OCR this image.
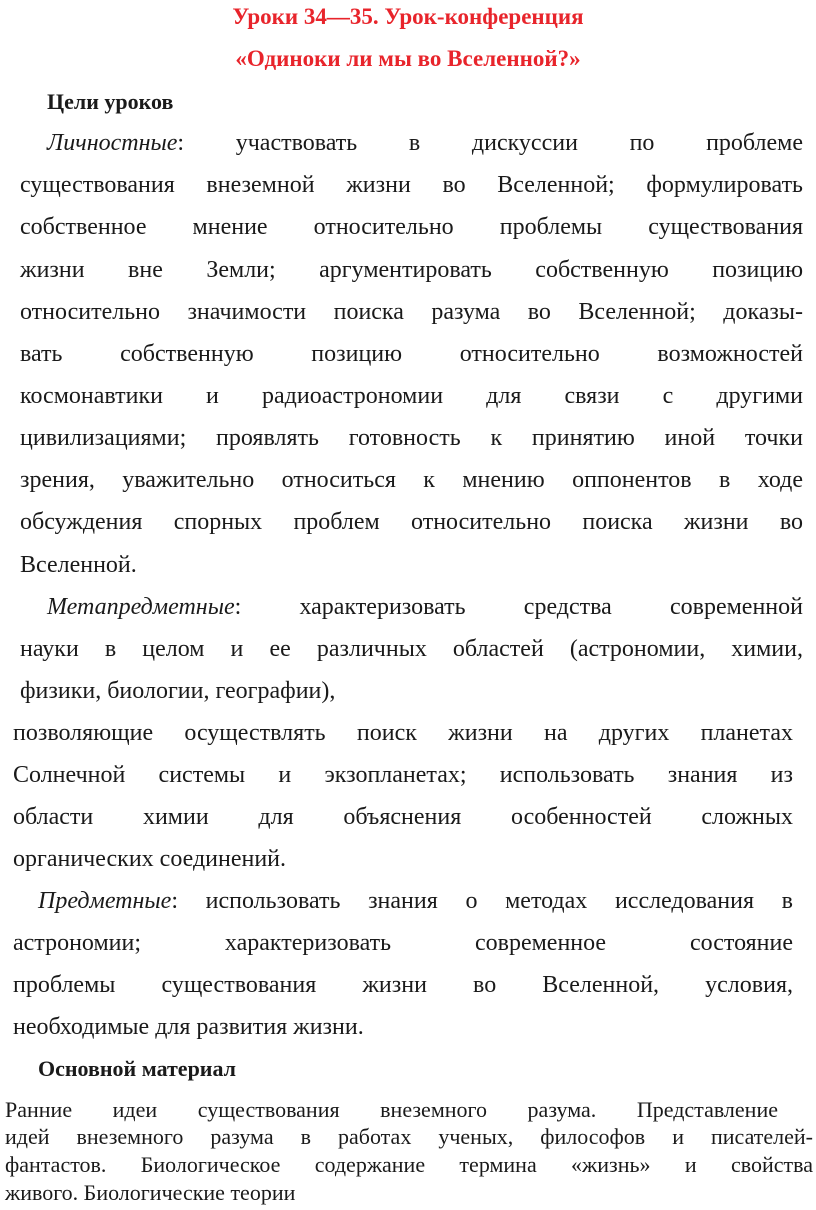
Уроки 34—35. Урок-конференция
«Одиноки ли мы во Вселенной?»
Цели уроков
Личностные: участвовать в дискуссии по проблеме
существования внеземной жизни во Вселенной; формулировать
собственное мнение относительно проблемы существования
жизни вне Земли; аргументировать собственную позицию
относительно значимости поиска разума во Вселенной; доказы-
вать собственную позицию относительно возможностей
космонавтики и радиоастрономии для связи с другими
цивилизациями; проявлять готовность к принятию иной точки
зрения, уважительно относиться к мнению оппонентов в ходе
обсуждения спорных проблем относительно поиска жизни во
Вселенной.
Метапредметные: характеризовать средства современной
науки в целом и ее различных областей (астрономии, химии,
физики, биологии, географии),
позволяющие осуществлять поиск жизни на других планетах
Солнечной системы и экзопланетах; использовать знания из
области химии для объяснения особенностей сложных
органических соединений.
Предметные: использовать знания о методах исследования в
астрономии; характеризовать современное состояние
проблемы существования жизни во Вселенной, условия,
необходимые для развития жизни.
Основной материал
Ранние идеи существования внеземного разума. Представление
идей внеземного разума в работах ученых, философов и писателей-
фантастов. Биологическое содержание термина «жизнь» и свойства
живого. Биологические теории
